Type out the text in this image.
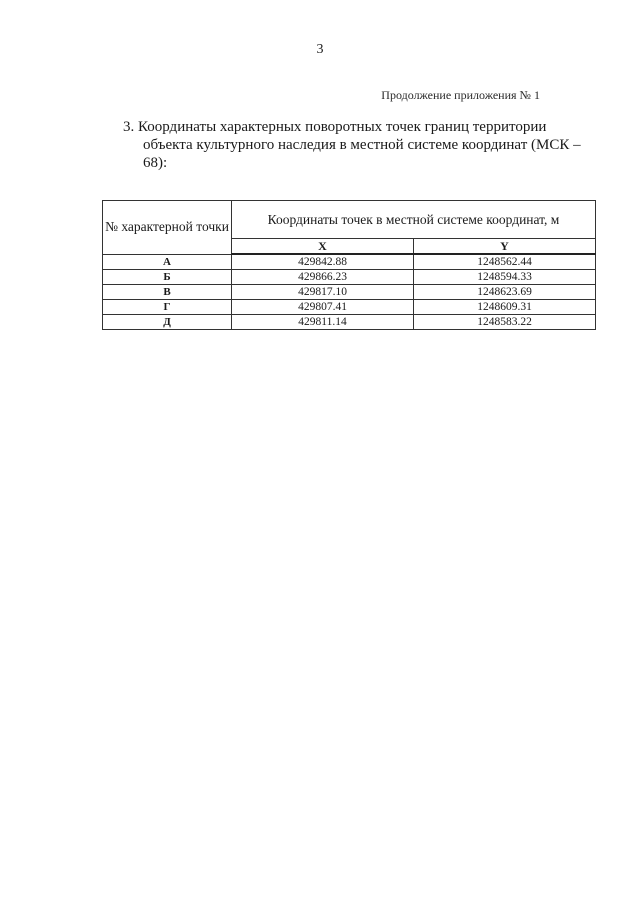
3
Продолжение приложения № 1
3. Координаты характерных поворотных точек границ территории
объекта культурного наследия в местной системе координат (МСК –
68):
№ характерной точки	Координаты точек в местной системе координат, м	
	X	Y
А	429842.88	1248562.44
Б	429866.23	1248594.33
В	429817.10	1248623.69
Г	429807.41	1248609.31
Д	429811.14	1248583.22
